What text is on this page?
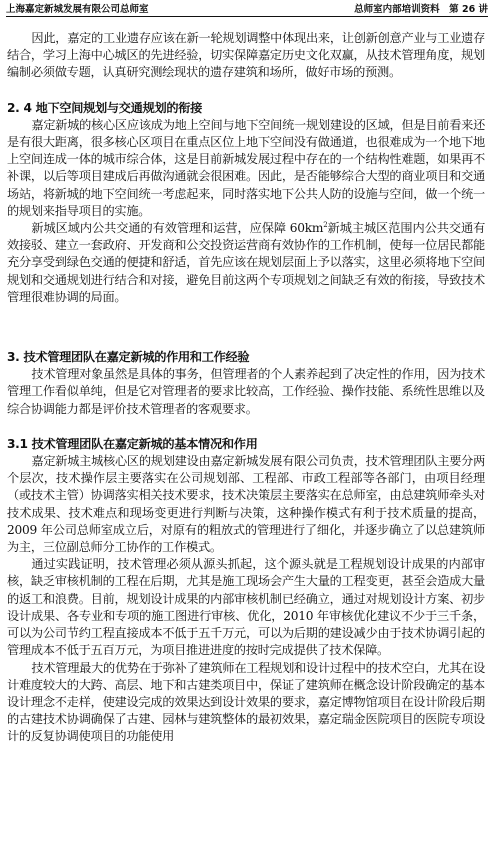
上海嘉定新城发展有限公司总师室	总师室内部培训资料　第 26 讲

因此，嘉定的工业遗存应该在新一轮规划调整中体现出来，让创新创意产业与工业遗存结合，学习上海中心城区的先进经验，切实保障嘉定历史文化双赢，从技术管理角度，规划编制必须做专题，认真研究测绘现状的遗存建筑和场所，做好市场的预测。

2. 4 地下空间规划与交通规划的衔接

嘉定新城的核心区应该成为地上空间与地下空间统一规划建设的区域，但是目前看来还是有很大距离，很多核心区项目在重点区位上地下空间没有做通道，也很难成为一个地下地上空间连成一体的城市综合体，这是目前新城发展过程中存在的一个结构性难题，如果再不补课，以后等项目建成后再做沟通就会很困难。因此，是否能够综合大型的商业项目和交通场站，将新城的地下空间统一考虑起来，同时落实地下公共人防的设施与空间，做一个统一的规划来指导项目的实施。

新城区域内公共交通的有效管理和运营，应保障 $60km^2$新城主城区范围内公共交通有效接驳、建立一套政府、开发商和公交投资运营商有效协作的工作机制，使每一位居民都能充分享受到绿色交通的便捷和舒适，首先应该在规划层面上予以落实，这里必须将地下空间规划和交通规划进行结合和对接，避免目前这两个专项规划之间缺乏有效的衔接，导致技术管理很难协调的局面。

3. 技术管理团队在嘉定新城的作用和工作经验

技术管理对象虽然是具体的事务，但管理者的个人素养起到了决定性的作用，因为技术管理工作看似单纯，但是它对管理者的要求比较高，工作经验、操作技能、系统性思维以及综合协调能力都是评价技术管理者的客观要求。

3.1 技术管理团队在嘉定新城的基本情况和作用

嘉定新城主城核心区的规划建设由嘉定新城发展有限公司负责，技术管理团队主要分两个层次，技术操作层主要落实在公司规划部、工程部、市政工程部等各部门，由项目经理（或技术主管）协调落实相关技术要求，技术决策层主要落实在总师室，由总建筑师牵头对技术成果、技术难点和现场变更进行判断与决策，这种操作模式有利于技术质量的提高，2009 年公司总师室成立后，对原有的粗放式的管理进行了细化，并逐步确立了以总建筑师为主，三位副总师分工协作的工作模式。

通过实践证明，技术管理必须从源头抓起，这个源头就是工程规划设计成果的内部审核，缺乏审核机制的工程在后期，尤其是施工现场会产生大量的工程变更，甚至会造成大量的返工和浪费。目前，规划设计成果的内部审核机制已经确立，通过对规划设计方案、初步设计成果、各专业和专项的施工图进行审核、优化，2010 年审核优化建议不少于三千条，可以为公司节约工程直接成本不低于五千万元，可以为后期的建设减少由于技术协调引起的管理成本不低于五百万元，为项目推进进度的按时完成提供了技术保障。

技术管理最大的优势在于弥补了建筑师在工程规划和设计过程中的技术空白，尤其在设计难度较大的大跨、高层、地下和古建类项目中，保证了建筑师在概念设计阶段确定的基本设计理念不走样，使建设完成的效果达到设计效果的要求，嘉定博物馆项目在设计阶段后期的古建技术协调确保了古建、园林与建筑整体的最初效果，嘉定瑞金医院项目的医院专项设计的反复协调使项目的功能使用
